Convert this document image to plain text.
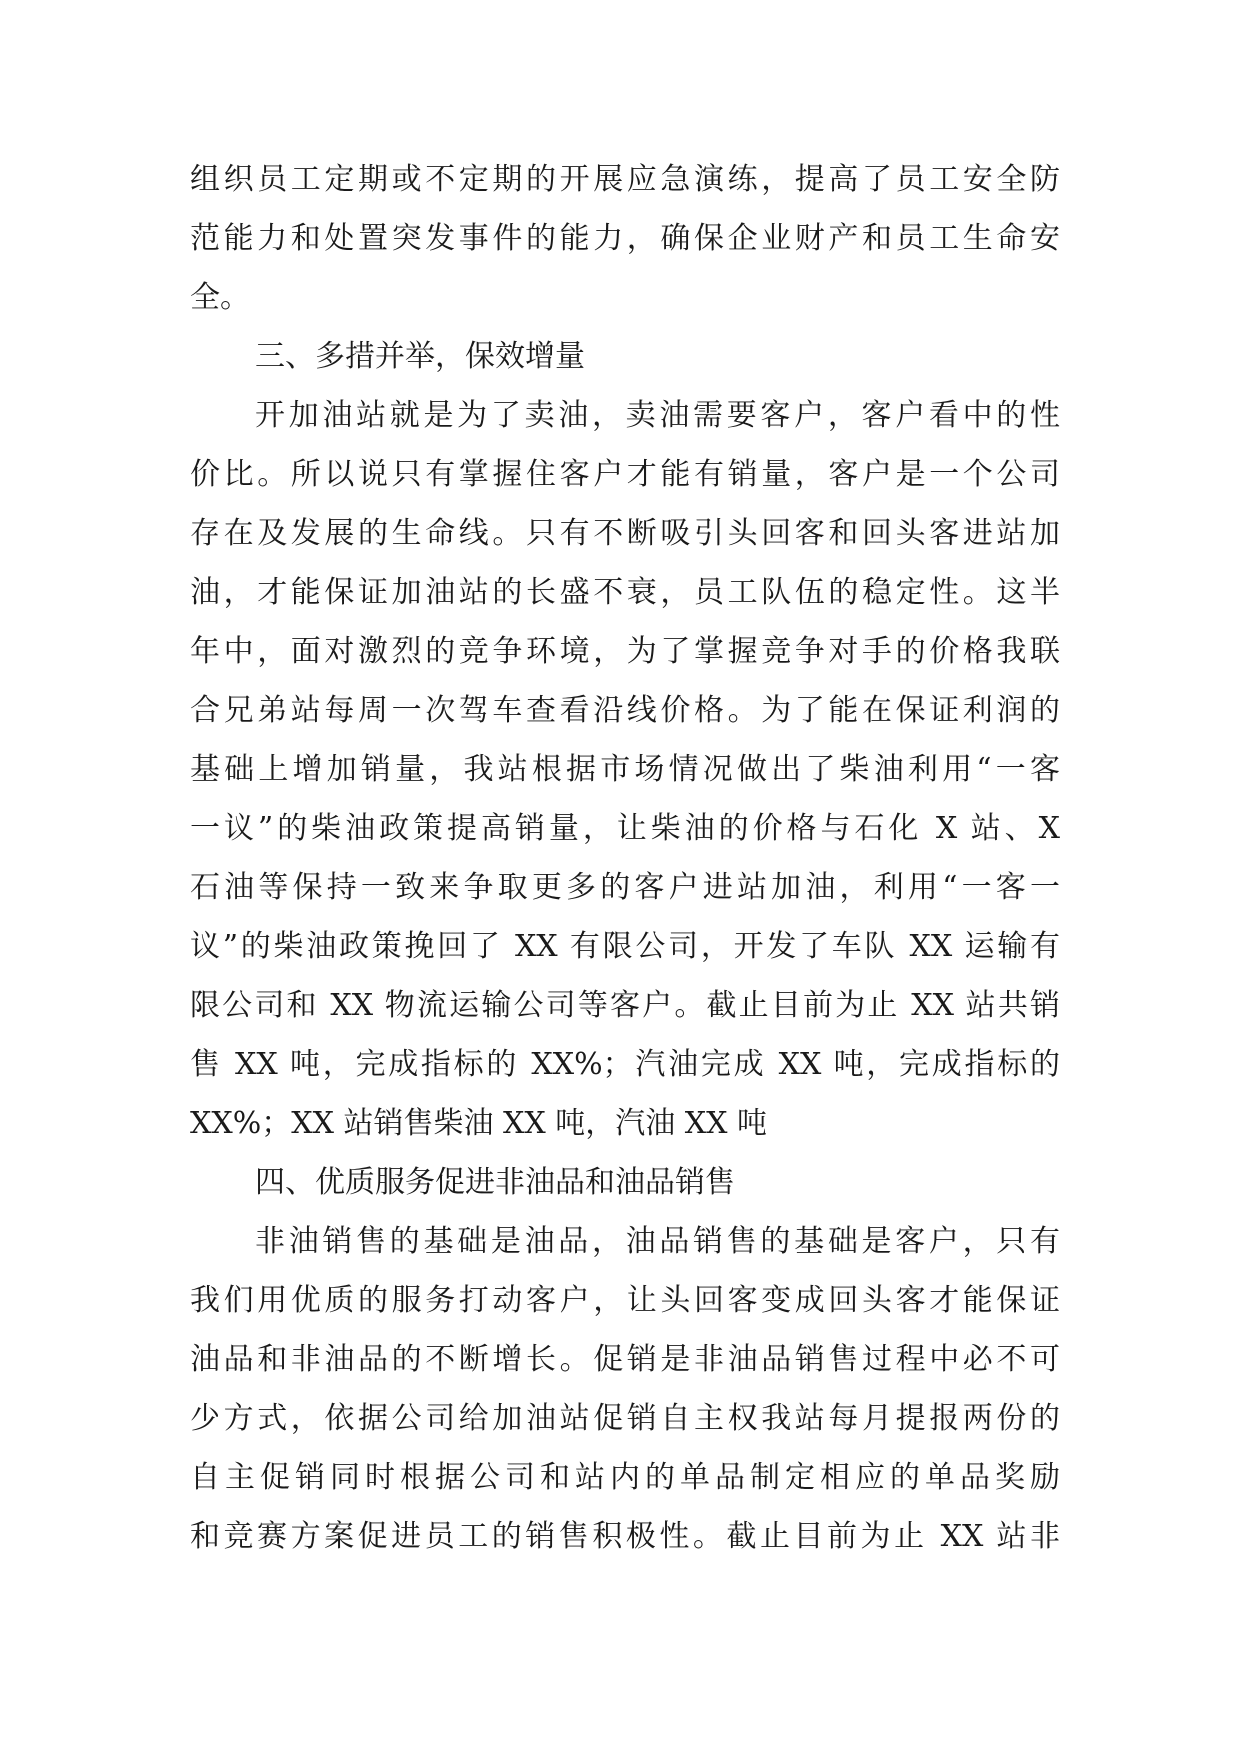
组织员工定期或不定期的开展应急演练，提高了员工安全防
范能力和处置突发事件的能力，确保企业财产和员工生命安
全。
三、多措并举，保效增量
开加油站就是为了卖油，卖油需要客户，客户看中的性
价比。所以说只有掌握住客户才能有销量，客户是一个公司
存在及发展的生命线。只有不断吸引头回客和回头客进站加
油，才能保证加油站的长盛不衰，员工队伍的稳定性。这半
年中，面对激烈的竞争环境，为了掌握竞争对手的价格我联
合兄弟站每周一次驾车查看沿线价格。为了能在保证利润的
基础上增加销量，我站根据市场情况做出了柴油利用“一客
一议”的柴油政策提高销量，让柴油的价格与石化 X 站、X
石油等保持一致来争取更多的客户进站加油，利用“一客一
议”的柴油政策挽回了 XX 有限公司，开发了车队 XX 运输有
限公司和 XX 物流运输公司等客户。截止目前为止 XX 站共销
售 XX 吨，完成指标的 XX%；汽油完成 XX 吨，完成指标的
XX%；XX 站销售柴油 XX 吨，汽油 XX 吨
四、优质服务促进非油品和油品销售
非油销售的基础是油品，油品销售的基础是客户，只有
我们用优质的服务打动客户，让头回客变成回头客才能保证
油品和非油品的不断增长。促销是非油品销售过程中必不可
少方式，依据公司给加油站促销自主权我站每月提报两份的
自主促销同时根据公司和站内的单品制定相应的单品奖励
和竞赛方案促进员工的销售积极性。截止目前为止 XX 站非
